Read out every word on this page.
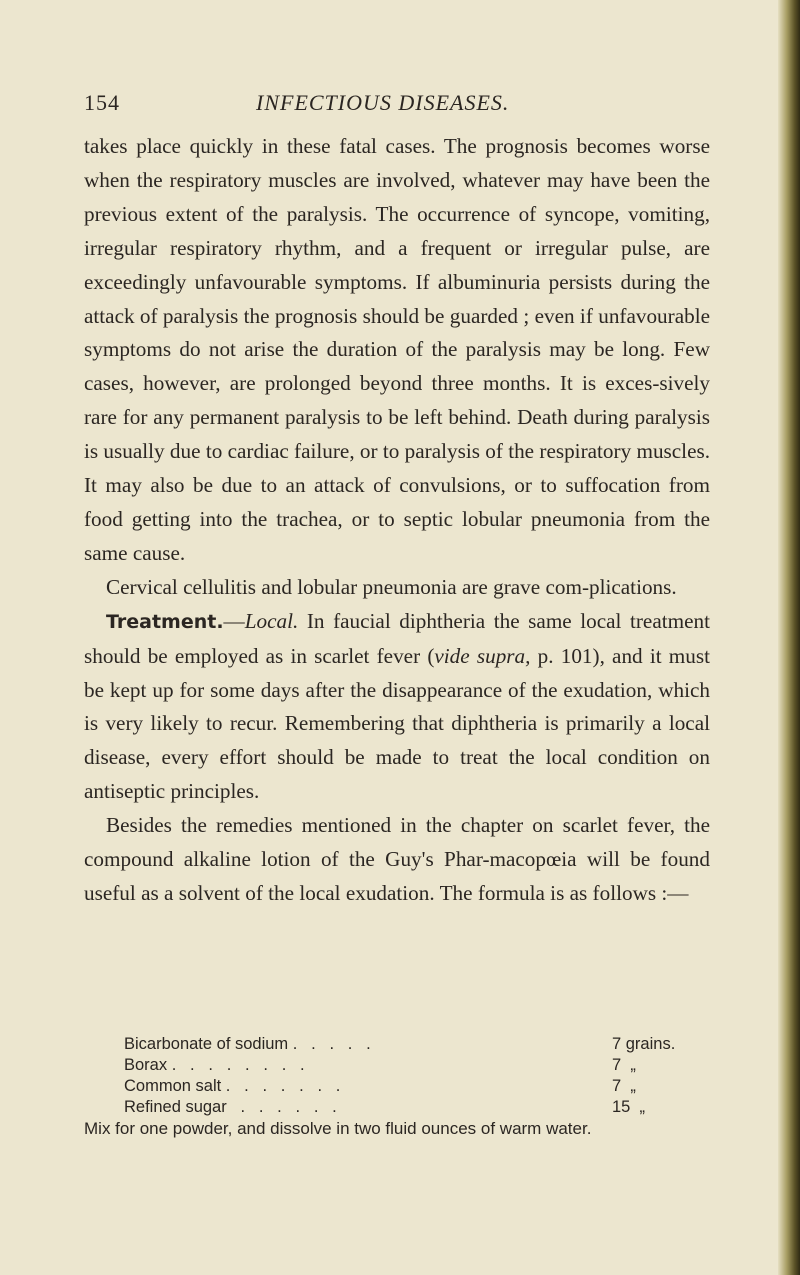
154	INFECTIOUS DISEASES.

takes place quickly in these fatal cases. The prognosis becomes worse when the respiratory muscles are involved, whatever may have been the previous extent of the paralysis. The occurrence of syncope, vomiting, irregular respiratory rhythm, and a frequent or irregular pulse, are exceedingly unfavourable symptoms. If albuminuria persists during the attack of paralysis the prognosis should be guarded ; even if unfavourable symptoms do not arise the duration of the paralysis may be long. Few cases, however, are prolonged beyond three months. It is exces-sively rare for any permanent paralysis to be left behind. Death during paralysis is usually due to cardiac failure, or to paralysis of the respiratory muscles. It may also be due to an attack of convulsions, or to suffocation from food getting into the trachea, or to septic lobular pneumonia from the same cause.

Cervical cellulitis and lobular pneumonia are grave com-plications.

Treatment.—Local. In faucial diphtheria the same local treatment should be employed as in scarlet fever (vide supra, p. 101), and it must be kept up for some days after the disappearance of the exudation, which is very likely to recur. Remembering that diphtheria is primarily a local disease, every effort should be made to treat the local condition on antiseptic principles.

Besides the remedies mentioned in the chapter on scarlet fever, the compound alkaline lotion of the Guy's Phar-macopœia will be found useful as a solvent of the local exudation. The formula is as follows :—

Bicarbonate of sodium .   .   .   .   .	7 grains.
Borax .   .   .   .   .   .   .   .	7  „
Common salt .   .   .   .   .   .   .	7  „
Refined sugar   .   .   .   .   .   .	15  „
Mix for one powder, and dissolve in two fluid ounces of warm water.
